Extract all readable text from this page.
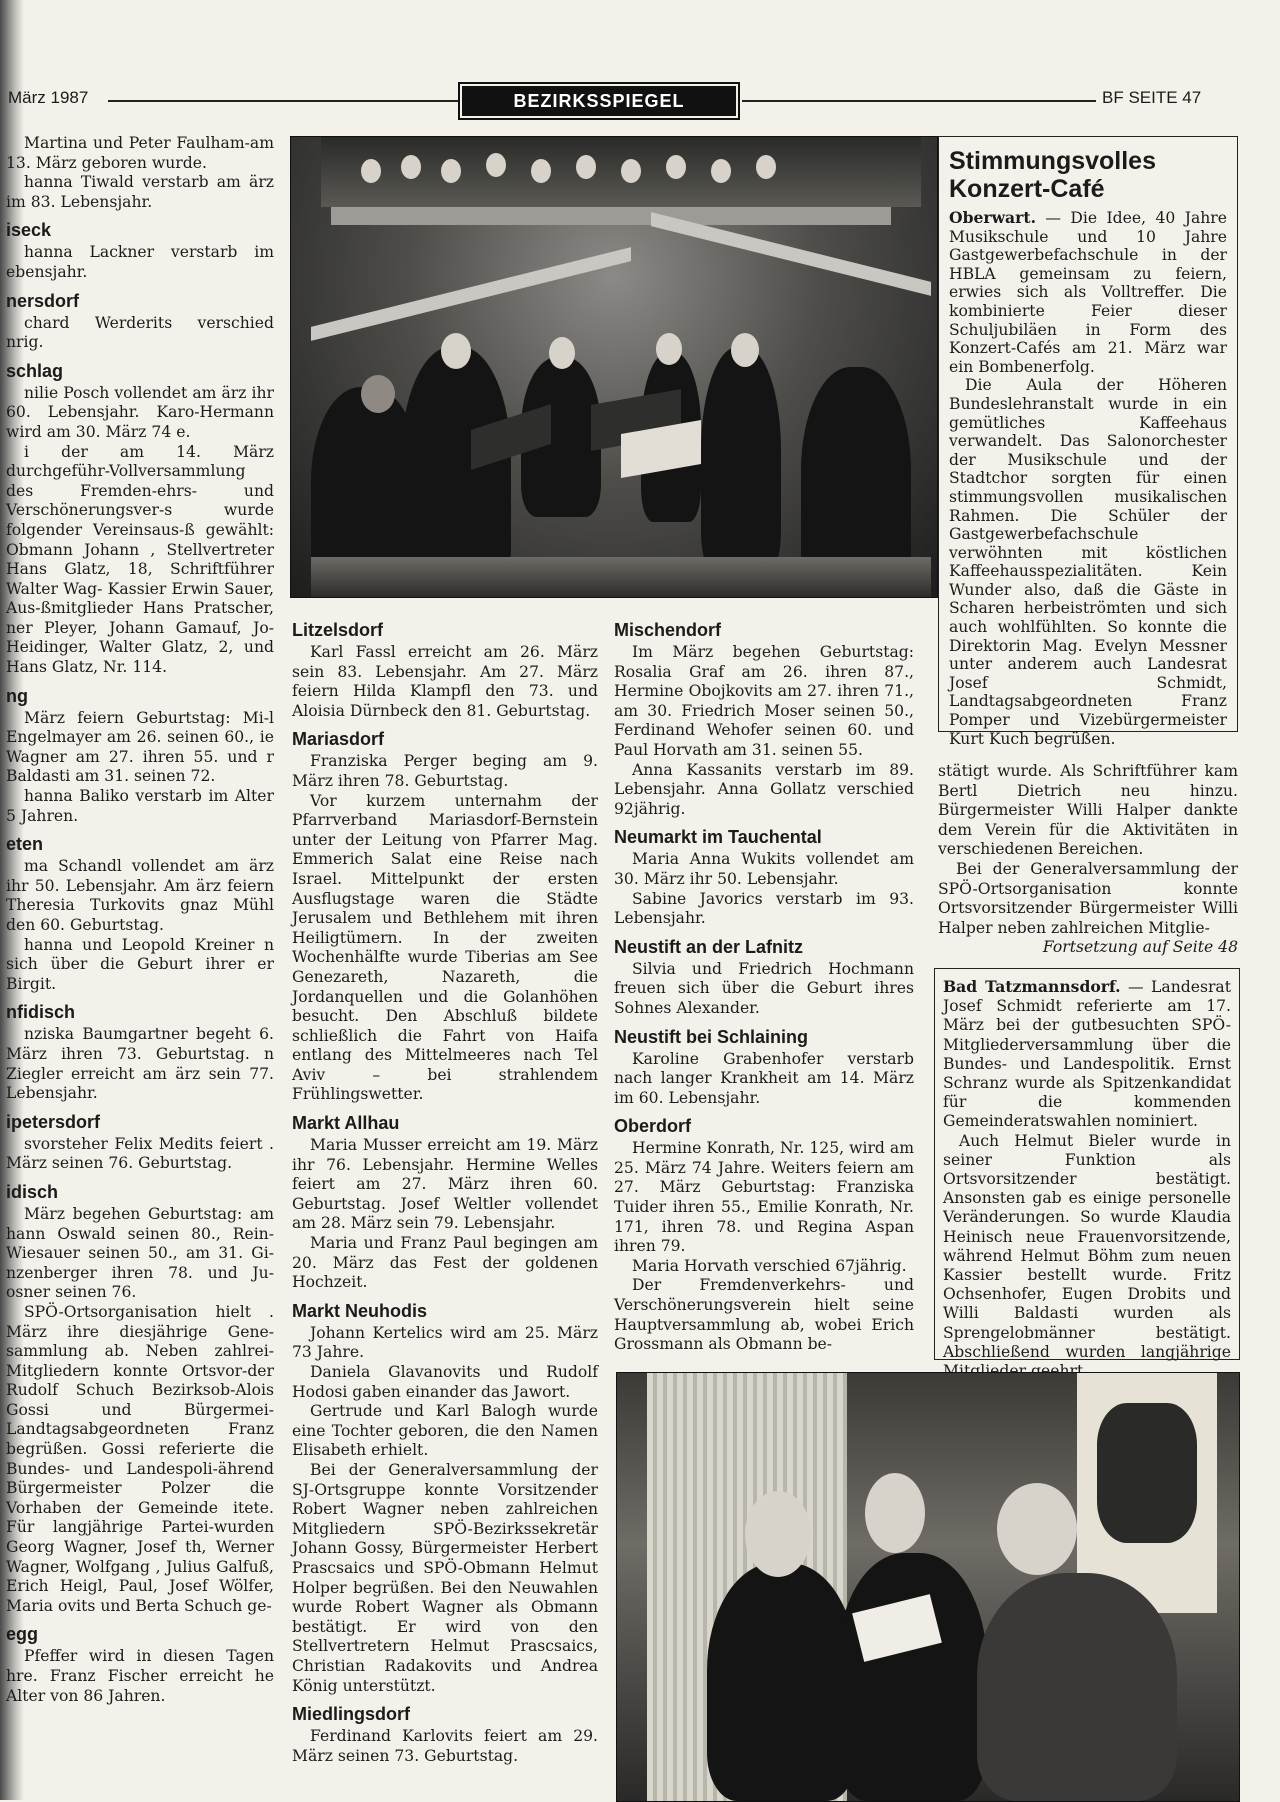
März 1987	BEZIRKSSPIEGEL	BF SEITE 47

Martina und Peter Faulham-am 13. März geboren wurde.

hanna Tiwald verstarb am ärz im 83. Lebensjahr.

iseck

hanna Lackner verstarb im ebensjahr.

nersdorf

chard Werderits verschied nrig.

schlag

nilie Posch vollendet am ärz ihr 60. Lebensjahr. Karo-Hermann wird am 30. März 74 e.

i der am 14. März durchgeführ-Vollversammlung des Fremden-ehrs- und Verschönerungsver-s wurde folgender Vereinsaus-ß gewählt: Obmann Johann , Stellvertreter Hans Glatz, 18, Schriftführer Walter Wag- Kassier Erwin Sauer, Aus-ßmitglieder Hans Pratscher, ner Pleyer, Johann Gamauf, Jo- Heidinger, Walter Glatz, 2, und Hans Glatz, Nr. 114.

ng

März feiern Geburtstag: Mi-l Engelmayer am 26. seinen 60., ie Wagner am 27. ihren 55. und r Baldasti am 31. seinen 72.

hanna Baliko verstarb im Alter 5 Jahren.

eten

ma Schandl vollendet am ärz ihr 50. Lebensjahr. Am ärz feiern Theresia Turkovits gnaz Mühl den 60. Geburtstag.

hanna und Leopold Kreiner n sich über die Geburt ihrer er Birgit.

nfidisch

nziska Baumgartner begeht 6. März ihren 73. Geburtstag. n Ziegler erreicht am ärz sein 77. Lebensjahr.

ipetersdorf

svorsteher Felix Medits feiert . März seinen 76. Geburtstag.

idisch

März begehen Geburtstag: am hann Oswald seinen 80., Rein-Wiesauer seinen 50., am 31. Gi-nzenberger ihren 78. und Ju-osner seinen 76.

SPÖ-Ortsorganisation hielt . März ihre diesjährige Gene-sammlung ab. Neben zahlrei-Mitgliedern konnte Ortsvor-der Rudolf Schuch Bezirksob-Alois Gossi und Bürgermei-Landtagsabgeordneten Franz begrüßen. Gossi referierte die Bundes- und Landespoli-ährend Bürgermeister Polzer die Vorhaben der Gemeinde itete. Für langjährige Partei-wurden Georg Wagner, Josef th, Werner Wagner, Wolfgang , Julius Galfuß, Erich Heigl, Paul, Josef Wölfer, Maria ovits und Berta Schuch ge-

egg

Pfeffer wird in diesen Tagen hre. Franz Fischer erreicht he Alter von 86 Jahren.

Stimmungsvolles Konzert-Café

Oberwart. — Die Idee, 40 Jahre Musikschule und 10 Jahre Gastgewerbefachschule in der HBLA gemeinsam zu feiern, erwies sich als Volltreffer. Die kombinierte Feier dieser Schuljubiläen in Form des Konzert-Cafés am 21. März war ein Bombenerfolg.

Die Aula der Höheren Bundeslehranstalt wurde in ein gemütliches Kaffeehaus verwandelt. Das Salonorchester der Musikschule und der Stadtchor sorgten für einen stimmungsvollen musikalischen Rahmen. Die Schüler der Gastgewerbefachschule verwöhnten mit köstlichen Kaffeehausspezialitäten. Kein Wunder also, daß die Gäste in Scharen herbeiströmten und sich auch wohlfühlten. So konnte die Direktorin Mag. Evelyn Messner unter anderem auch Landesrat Josef Schmidt, Landtagsabgeordneten Franz Pomper und Vizebürgermeister Kurt Kuch begrüßen.

Litzelsdorf

Karl Fassl erreicht am 26. März sein 83. Lebensjahr. Am 27. März feiern Hilda Klampfl den 73. und Aloisia Dürnbeck den 81. Geburtstag.

Mariasdorf

Franziska Perger beging am 9. März ihren 78. Geburtstag.

Vor kurzem unternahm der Pfarrverband Mariasdorf-Bernstein unter der Leitung von Pfarrer Mag. Emmerich Salat eine Reise nach Israel. Mittelpunkt der ersten Ausflugstage waren die Städte Jerusalem und Bethlehem mit ihren Heiligtümern. In der zweiten Wochenhälfte wurde Tiberias am See Genezareth, Nazareth, die Jordanquellen und die Golanhöhen besucht. Den Abschluß bildete schließlich die Fahrt von Haifa entlang des Mittelmeeres nach Tel Aviv – bei strahlendem Frühlingswetter.

Markt Allhau

Maria Musser erreicht am 19. März ihr 76. Lebensjahr. Hermine Welles feiert am 27. März ihren 60. Geburtstag. Josef Weltler vollendet am 28. März sein 79. Lebensjahr.

Maria und Franz Paul begingen am 20. März das Fest der goldenen Hochzeit.

Markt Neuhodis

Johann Kertelics wird am 25. März 73 Jahre.

Daniela Glavanovits und Rudolf Hodosi gaben einander das Jawort.

Gertrude und Karl Balogh wurde eine Tochter geboren, die den Namen Elisabeth erhielt.

Bei der Generalversammlung der SJ-Ortsgruppe konnte Vorsitzender Robert Wagner neben zahlreichen Mitgliedern SPÖ-Bezirkssekretär Johann Gossy, Bürgermeister Herbert Prascsaics und SPÖ-Obmann Helmut Holper begrüßen. Bei den Neuwahlen wurde Robert Wagner als Obmann bestätigt. Er wird von den Stellvertretern Helmut Prascsaics, Christian Radakovits und Andrea König unterstützt.

Miedlingsdorf

Ferdinand Karlovits feiert am 29. März seinen 73. Geburtstag.

Mischendorf

Im März begehen Geburtstag: Rosalia Graf am 26. ihren 87., Hermine Obojkovits am 27. ihren 71., am 30. Friedrich Moser seinen 50., Ferdinand Wehofer seinen 60. und Paul Horvath am 31. seinen 55.

Anna Kassanits verstarb im 89. Lebensjahr. Anna Gollatz verschied 92jährig.

Neumarkt im Tauchental

Maria Anna Wukits vollendet am 30. März ihr 50. Lebensjahr.

Sabine Javorics verstarb im 93. Lebensjahr.

Neustift an der Lafnitz

Silvia und Friedrich Hochmann freuen sich über die Geburt ihres Sohnes Alexander.

Neustift bei Schlaining

Karoline Grabenhofer verstarb nach langer Krankheit am 14. März im 60. Lebensjahr.

Oberdorf

Hermine Konrath, Nr. 125, wird am 25. März 74 Jahre. Weiters feiern am 27. März Geburtstag: Franziska Tuider ihren 55., Emilie Konrath, Nr. 171, ihren 78. und Regina Aspan ihren 79.

Maria Horvath verschied 67jährig.

Der Fremdenverkehrs- und Verschönerungsverein hielt seine Hauptversammlung ab, wobei Erich Grossmann als Obmann be-

stätigt wurde. Als Schriftführer kam Bertl Dietrich neu hinzu. Bürgermeister Willi Halper dankte dem Verein für die Aktivitäten in verschiedenen Bereichen.

Bei der Generalversammlung der SPÖ-Ortsorganisation konnte Ortsvorsitzender Bürgermeister Willi Halper neben zahlreichen Mitglie-

Fortsetzung auf Seite 48

Bad Tatzmannsdorf. — Landesrat Josef Schmidt referierte am 17. März bei der gutbesuchten SPÖ-Mitgliederversammlung über die Bundes- und Landespolitik. Ernst Schranz wurde als Spitzenkandidat für die kommenden Gemeinderatswahlen nominiert.

Auch Helmut Bieler wurde in seiner Funktion als Ortsvorsitzender bestätigt. Ansonsten gab es einige personelle Veränderungen. So wurde Klaudia Heinisch neue Frauenvorsitzende, während Helmut Böhm zum neuen Kassier bestellt wurde. Fritz Ochsenhofer, Eugen Drobits und Willi Baldasti wurden als Sprengelobmänner bestätigt. Abschließend wurden langjährige
